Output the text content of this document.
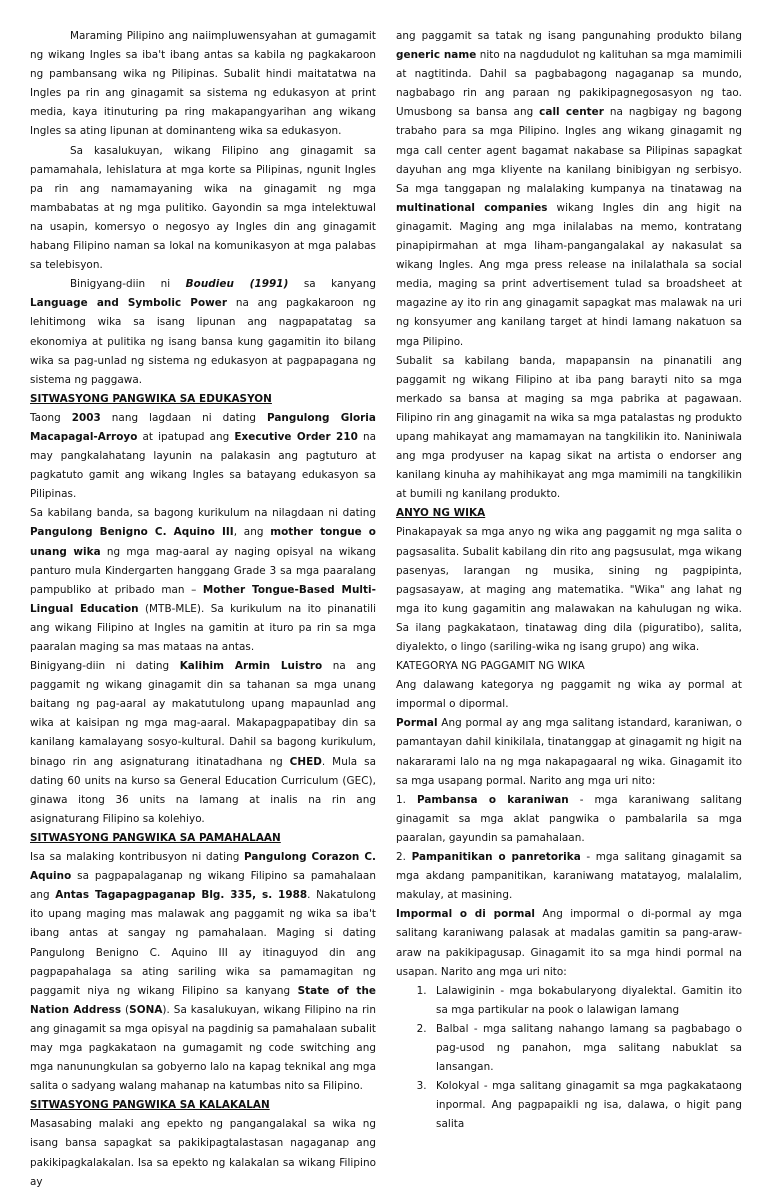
Maraming Pilipino ang naiimpluwensyahan at gumagamit ng wikang Ingles sa iba't ibang antas sa kabila ng pagkakaroon ng pambansang wika ng Pilipinas. Subalit hindi maitatatwa na Ingles pa rin ang ginagamit sa sistema ng edukasyon at print media, kaya itinuturing pa ring makapangyarihan ang wikang Ingles sa ating lipunan at dominanteng wika sa edukasyon.

Sa kasalukuyan, wikang Filipino ang ginagamit sa pamamahala, lehislatura at mga korte sa Pilipinas, ngunit Ingles pa rin ang namamayaning wika na ginagamit ng mga mambabatas at ng mga pulitiko. Gayondin sa mga intelektuwal na usapin, komersyo o negosyo ay Ingles din ang ginagamit habang Filipino naman sa lokal na komunikasyon at mga palabas sa telebisyon.

Binigyang-diin ni Boudieu (1991) sa kanyang Language and Symbolic Power na ang pagkakaroon ng lehitimong wika sa isang lipunan ang nagpapatatag sa ekonomiya at pulitika ng isang bansa kung gagamitin ito bilang wika sa pag-unlad ng sistema ng edukasyon at pagpapagana ng sistema ng paggawa.

SITWASYONG PANGWIKA SA EDUKASYON

Taong 2003 nang lagdaan ni dating Pangulong Gloria Macapagal-Arroyo at ipatupad ang Executive Order 210 na may pangkalahatang layunin na palakasin ang pagtuturo at pagkatuto gamit ang wikang Ingles sa batayang edukasyon sa Pilipinas.

Sa kabilang banda, sa bagong kurikulum na nilagdaan ni dating Pangulong Benigno C. Aquino III, ang mother tongue o unang wika ng mga mag-aaral ay naging opisyal na wikang panturo mula Kindergarten hanggang Grade 3 sa mga paaralang pampubliko at pribado man – Mother Tongue-Based Multi-Lingual Education (MTB-MLE). Sa kurikulum na ito pinanatili ang wikang Filipino at Ingles na gamitin at ituro pa rin sa mga paaralan maging sa mas mataas na antas.

Binigyang-diin ni dating Kalihim Armin Luistro na ang paggamit ng wikang ginagamit din sa tahanan sa mga unang baitang ng pag-aaral ay makatutulong upang mapaunlad ang wika at kaisipan ng mga mag-aaral. Makapagpapatibay din sa kanilang kamalayang sosyo-kultural. Dahil sa bagong kurikulum, binago rin ang asignaturang itinatadhana ng CHED. Mula sa dating 60 units na kurso sa General Education Curriculum (GEC), ginawa itong 36 units na lamang at inalis na rin ang asignaturang Filipino sa kolehiyo.

SITWASYONG PANGWIKA SA PAMAHALAAN

Isa sa malaking kontribusyon ni dating Pangulong Corazon C. Aquino sa pagpapalaganap ng wikang Filipino sa pamahalaan ang Antas Tagapagpaganap Blg. 335, s. 1988. Nakatulong ito upang maging mas malawak ang paggamit ng wika sa iba't ibang antas at sangay ng pamahalaan. Maging si dating Pangulong Benigno C. Aquino III ay itinaguyod din ang pagpapahalaga sa ating sariling wika sa pamamagitan ng paggamit niya ng wikang Filipino sa kanyang State of the Nation Address (SONA). Sa kasalukuyan, wikang Filipino na rin ang ginagamit sa mga opisyal na pagdinig sa pamahalaan subalit may mga pagkakataon na gumagamit ng code switching ang mga nanunungkulan sa gobyerno lalo na kapag teknikal ang mga salita o sadyang walang mahanap na katumbas nito sa Filipino.

SITWASYONG PANGWIKA SA KALAKALAN

Masasabing malaki ang epekto ng pangangalakal sa wika ng isang bansa sapagkat sa pakikipagtalastasan nagaganap ang pakikipagkalakalan. Isa sa epekto ng kalakalan sa wikang Filipino ay

ang paggamit sa tatak ng isang pangunahing produkto bilang generic name nito na nagdudulot ng kalituhan sa mga mamimili at nagtitinda. Dahil sa pagbabagong nagaganap sa mundo, nagbabago rin ang paraan ng pakikipagnegosasyon ng tao. Umusbong sa bansa ang call center na nagbigay ng bagong trabaho para sa mga Pilipino. Ingles ang wikang ginagamit ng mga call center agent bagamat nakabase sa Pilipinas sapagkat dayuhan ang mga kliyente na kanilang binibigyan ng serbisyo. Sa mga tanggapan ng malalaking kumpanya na tinatawag na multinational companies wikang Ingles din ang higit na ginagamit. Maging ang mga inilalabas na memo, kontratang pinapipirmahan at mga liham-pangangalakal ay nakasulat sa wikang Ingles. Ang mga press release na inilalathala sa social media, maging sa print advertisement tulad sa broadsheet at magazine ay ito rin ang ginagamit sapagkat mas malawak na uri ng konsyumer ang kanilang target at hindi lamang nakatuon sa mga Pilipino.

Subalit sa kabilang banda, mapapansin na pinanatili ang paggamit ng wikang Filipino at iba pang barayti nito sa mga merkado sa bansa at maging sa mga pabrika at pagawaan. Filipino rin ang ginagamit na wika sa mga patalastas ng produkto upang mahikayat ang mamamayan na tangkilikin ito. Naniniwala ang mga prodyuser na kapag sikat na artista o endorser ang kanilang kinuha ay mahihikayat ang mga mamimili na tangkilikin at bumili ng kanilang produkto.

ANYO NG WIKA

Pinakapayak sa mga anyo ng wika ang paggamit ng mga salita o pagsasalita. Subalit kabilang din rito ang pagsusulat, mga wikang pasenyas, larangan ng musika, sining ng pagpipinta, pagsasayaw, at maging ang matematika. "Wika" ang lahat ng mga ito kung gagamitin ang malawakan na kahulugan ng wika. Sa ilang pagkakataon, tinatawag ding dila (piguratibo), salita, diyalekto, o lingo (sariling-wika ng isang grupo) ang wika.

KATEGORYA NG PAGGAMIT NG WIKA

Ang dalawang kategorya ng paggamit ng wika ay pormal at impormal o dipormal.

Pormal Ang pormal ay ang mga salitang istandard, karaniwan, o pamantayan dahil kinikilala, tinatanggap at ginagamit ng higit na nakararami lalo na ng mga nakapagaaral ng wika. Ginagamit ito sa mga usapang pormal. Narito ang mga uri nito:

1. Pambansa o karaniwan - mga karaniwang salitang ginagamit sa mga aklat pangwika o pambalarila sa mga paaralan, gayundin sa pamahalaan.

2. Pampanitikan o panretorika - mga salitang ginagamit sa mga akdang pampanitikan, karaniwang matatayog, malalalim, makulay, at masining.

Impormal o di pormal Ang impormal o di-pormal ay mga salitang karaniwang palasak at madalas gamitin sa pang-araw-araw na pakikipagusap. Ginagamit ito sa mga hindi pormal na usapan. Narito ang mga uri nito:

1. Lalawiginin - mga bokabularyong diyalektal. Gamitin ito sa mga partikular na pook o lalawigan lamang
2. Balbal - mga salitang nahango lamang sa pagbabago o pag-usod ng panahon, mga salitang nabuklat sa lansangan.
3. Kolokyal - mga salitang ginagamit sa mga pagkakataong inpormal. Ang pagpapaikli ng isa, dalawa, o higit pang salita
